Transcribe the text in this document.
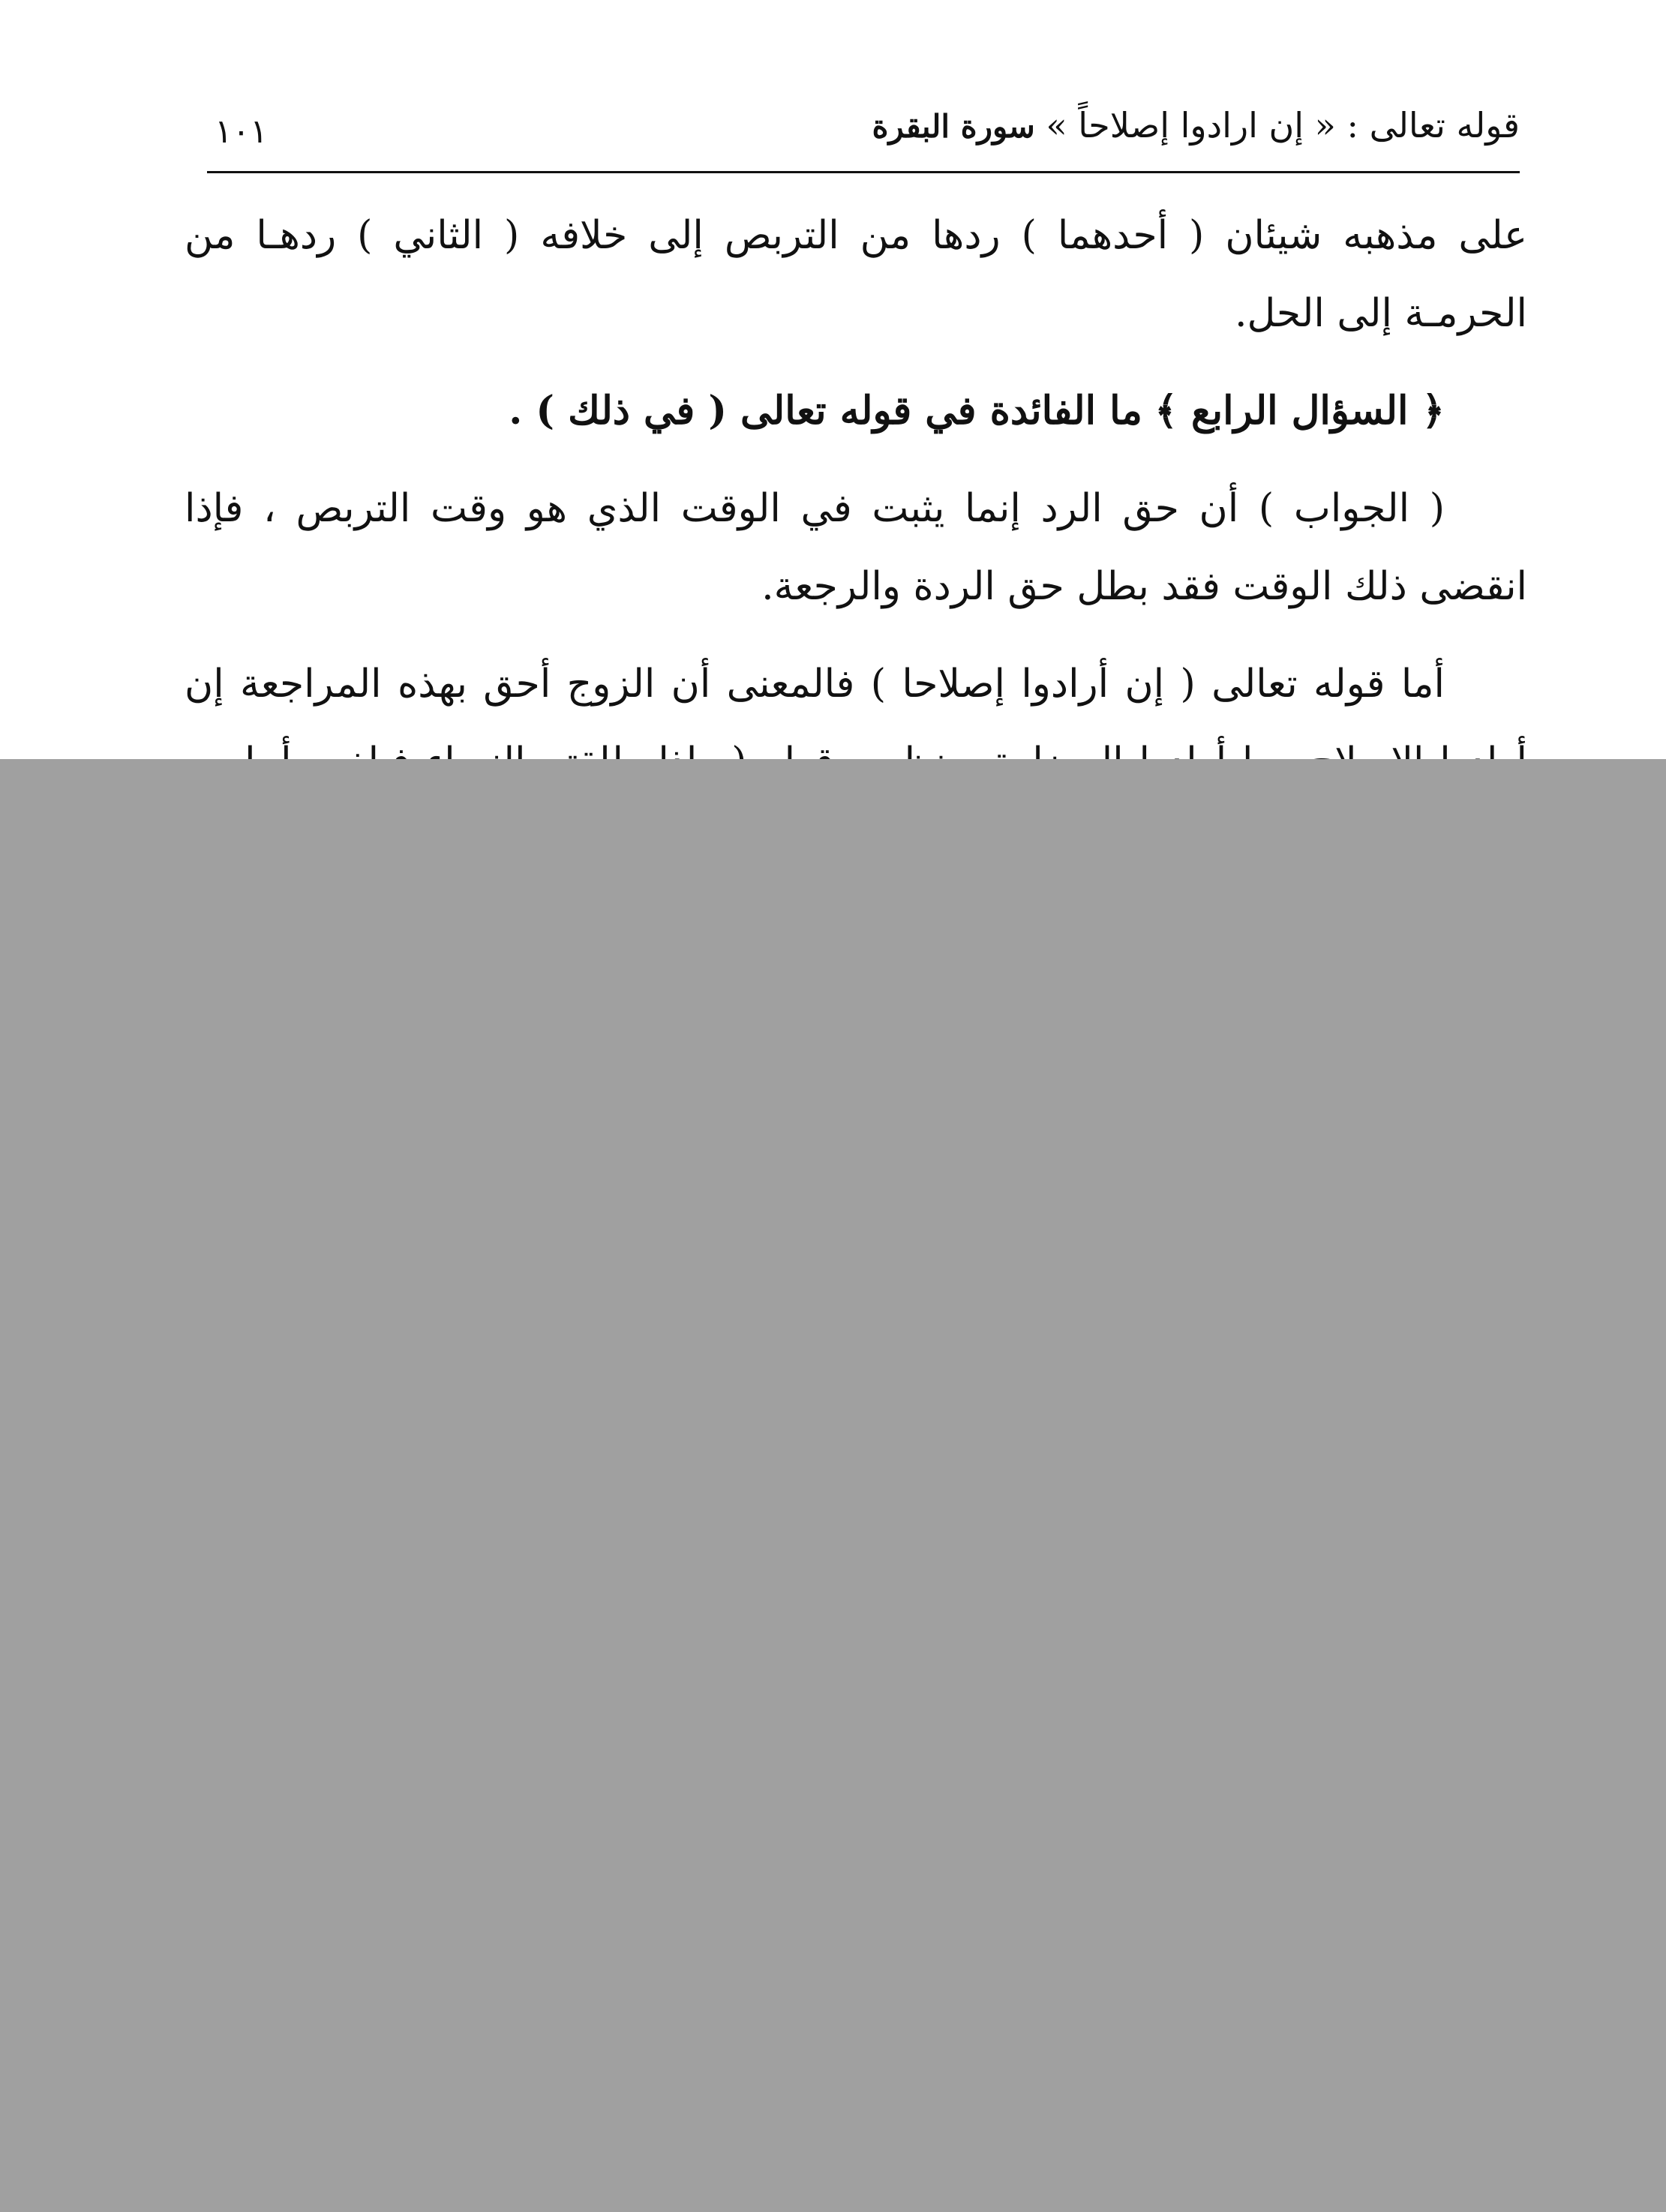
١٠١	قوله تعالى : « إن ارادوا إصلاحاً » سورة البقرة

على مذهبه شيئان ( أحدهما ) ردها من التربص إلى خلافه ( الثاني ) ردهـا من الحرمـة إلى الحل.

﴿ السؤال الرابع ﴾ ما الفائدة في قوله تعالى ( في ذلك ) .

( الجواب ) أن حق الرد إنما يثبت في الوقت الذي هو وقت التربص ، فإذا انقضى ذلك الوقت فقد بطل حق الردة والرجعة.

أما قوله تعالى ( إن أرادوا إصلاحا ) فالمعنى أن الزوج أحق بهذه المراجعة إن
